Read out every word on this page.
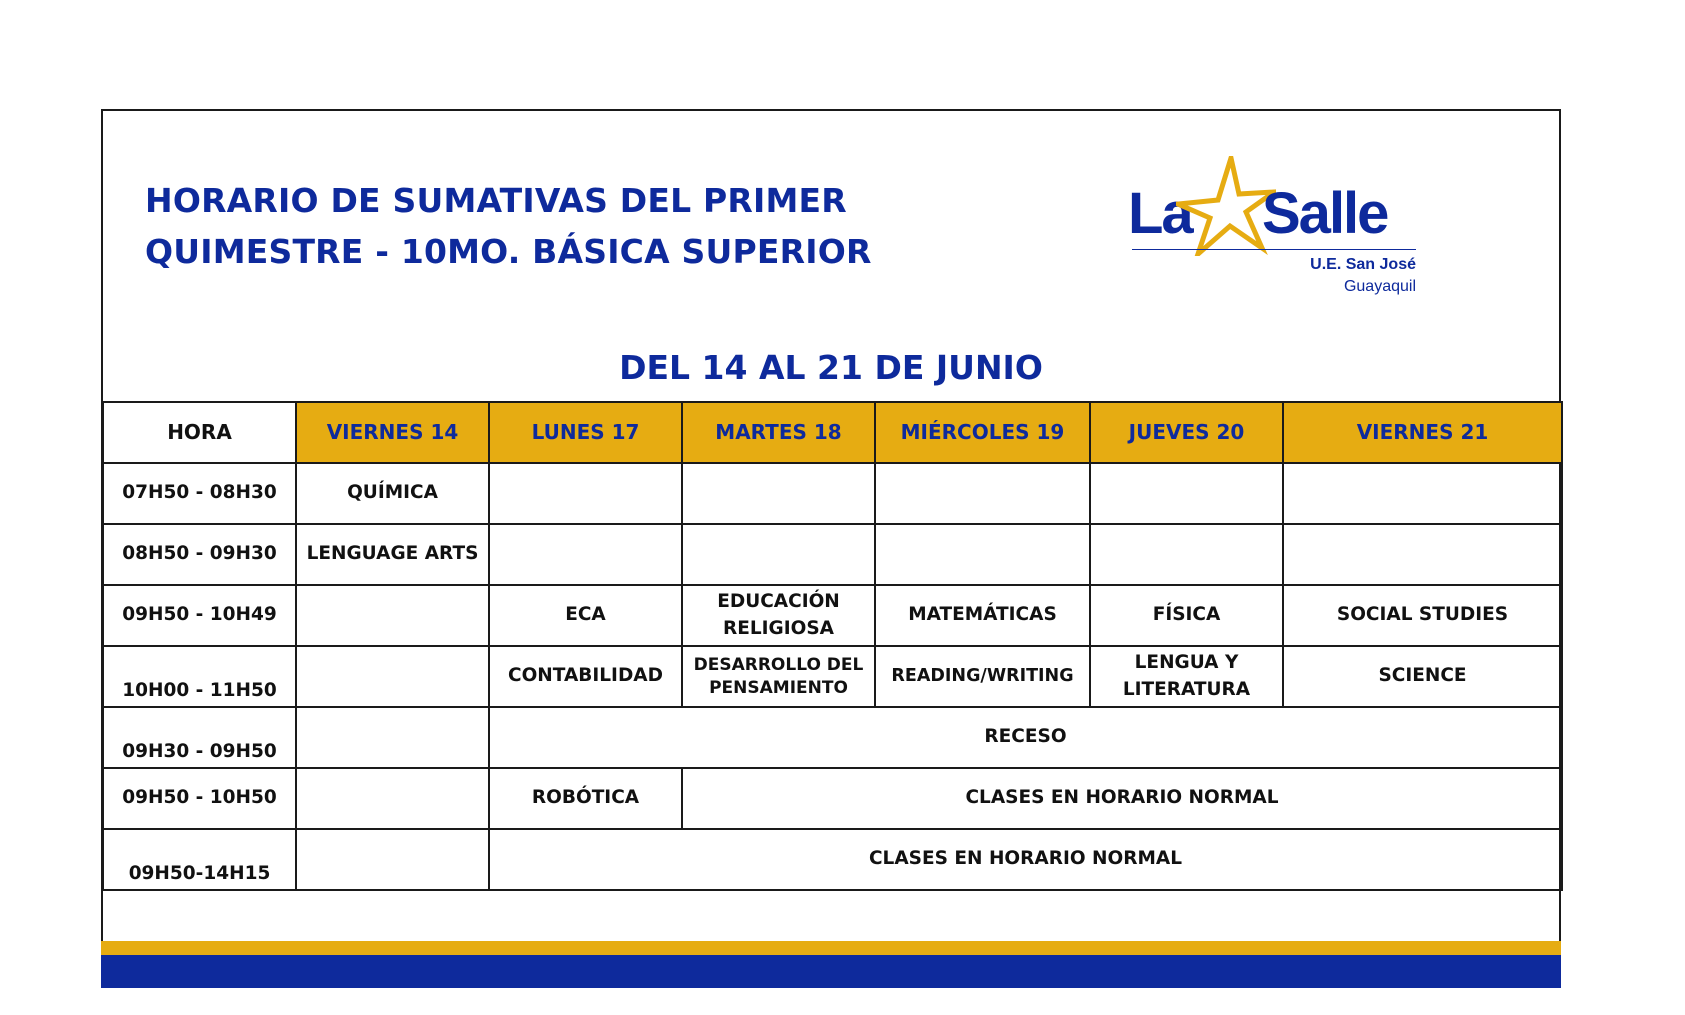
HORARIO DE SUMATIVAS DEL PRIMER
QUIMESTRE - 10MO. BÁSICA SUPERIOR
La Salle
U.E. San José
Guayaquil
DEL 14 AL 21 DE JUNIO
HORA	VIERNES 14	LUNES 17	MARTES 18	MIÉRCOLES 19	JUEVES 20	VIERNES 21
07H50 - 08H30	QUÍMICA					
08H50 - 09H30	LENGUAGE ARTS					
09H50 - 10H49		ECA	EDUCACIÓN RELIGIOSA	MATEMÁTICAS	FÍSICA	SOCIAL STUDIES
10H00 - 11H50		CONTABILIDAD	DESARROLLO DEL PENSAMIENTO	READING/WRITING	LENGUA Y LITERATURA	SCIENCE
09H30 - 09H50		RECESO				
09H50 - 10H50		ROBÓTICA	CLASES EN HORARIO NORMAL			
09H50-14H15		CLASES EN HORARIO NORMAL				
